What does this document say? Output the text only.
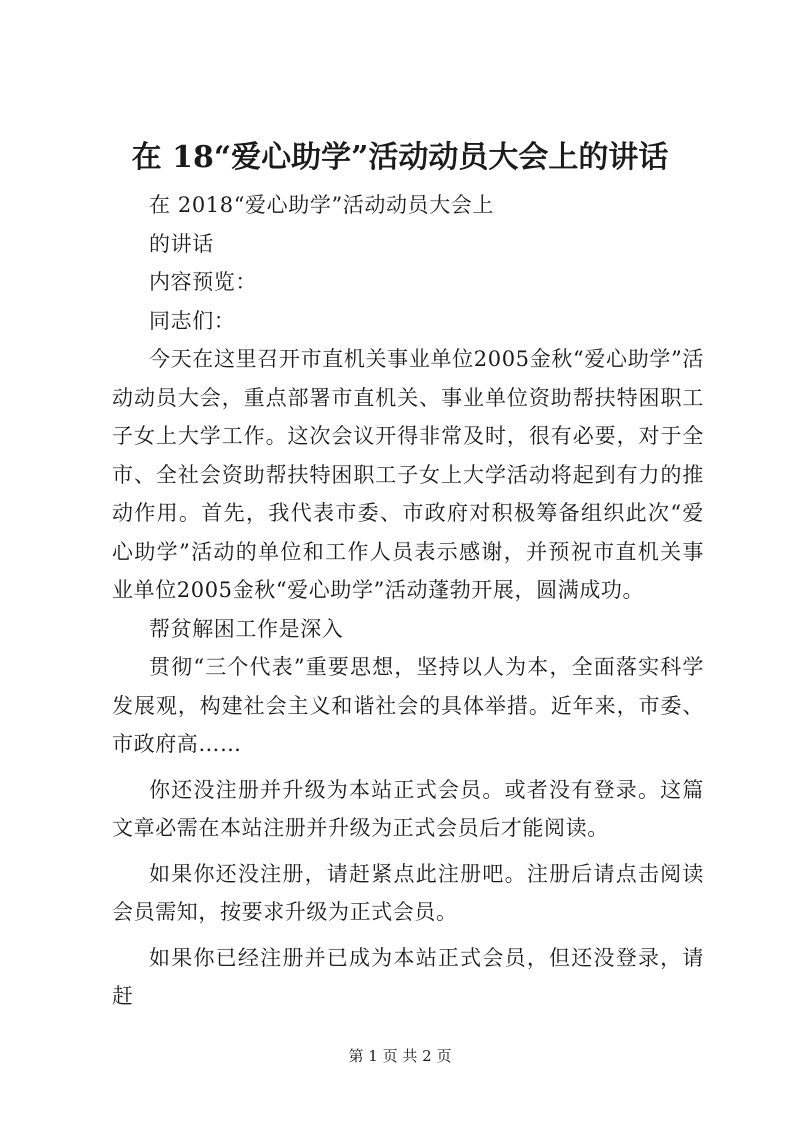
在 18“爱心助学”活动动员大会上的讲话

在 2018“爱心助学”活动动员大会上

的讲话

内容预览：

同志们：

今天在这里召开市直机关事业单位2005金秋“爱心助学”活动动员大会，重点部署市直机关、事业单位资助帮扶特困职工子女上大学工作。这次会议开得非常及时，很有必要，对于全市、全社会资助帮扶特困职工子女上大学活动将起到有力的推动作用。首先，我代表市委、市政府对积极筹备组织此次“爱心助学”活动的单位和工作人员表示感谢，并预祝市直机关事业单位2005金秋“爱心助学”活动蓬勃开展，圆满成功。

帮贫解困工作是深入

贯彻“三个代表”重要思想，坚持以人为本，全面落实科学发展观，构建社会主义和谐社会的具体举措。近年来，市委、市政府高……

你还没注册并升级为本站正式会员。或者没有登录。这篇文章必需在本站注册并升级为正式会员后才能阅读。

如果你还没注册，请赶紧点此注册吧。注册后请点击阅读会员需知，按要求升级为正式会员。

如果你已经注册并已成为本站正式会员，但还没登录，请赶

第 1 页 共 2 页
